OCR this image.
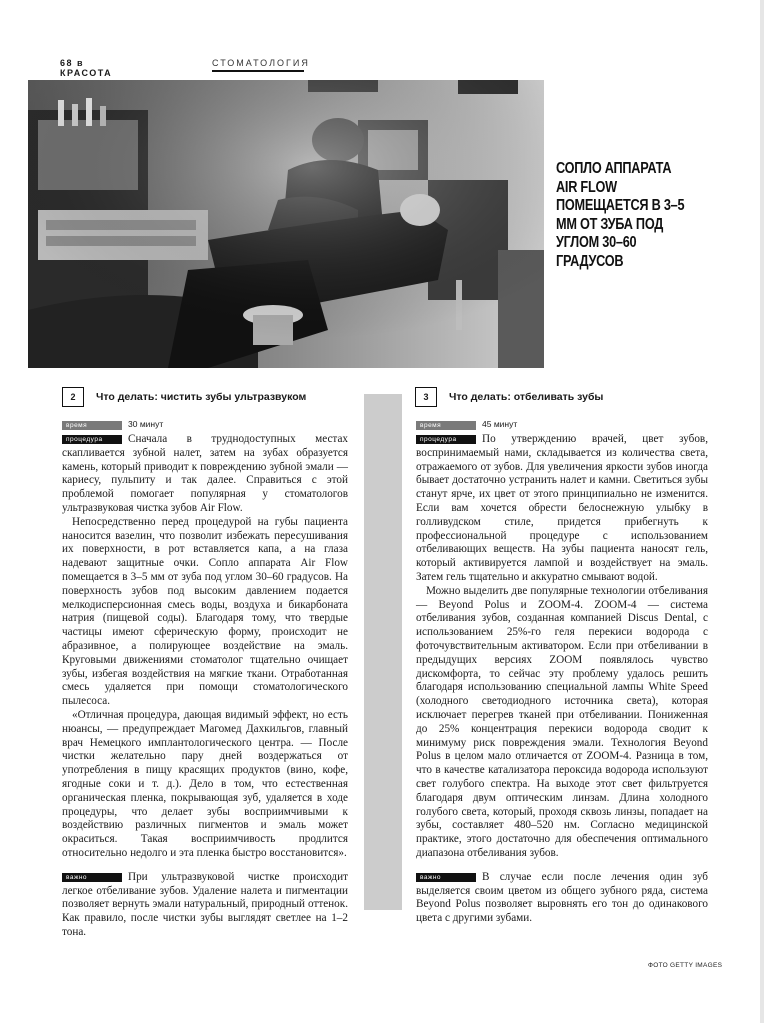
68 в КРАСОТА
СТОМАТОЛОГИЯ
СОПЛО АППАРАТА AIR FLOW ПОМЕЩАЕТСЯ В 3–5 ММ ОТ ЗУБА ПОД УГЛОМ 30–60 ГРАДУСОВ
2	Что делать: чистить зубы ультразвуком	3	Что делать: отбеливать зубы
время	30 минут

процедура Сначала в труднодоступных местах скапливается зубной налет, затем на зубах образуется камень, который приводит к повреждению зубной эмали — кариесу, пульпиту и так далее. Справиться с этой проблемой помогает популярная у стоматологов ультразвуковая чистка зубов Air Flow.

Непосредственно перед процедурой на губы пациента наносится вазелин, что позволит избежать пересушивания их поверхности, в рот вставляется капа, а на глаза надевают защитные очки. Сопло аппарата Air Flow помещается в 3–5 мм от зуба под углом 30–60 градусов. На поверхность зубов под высоким давлением подается мелкодисперсионная смесь воды, воздуха и бикарбоната натрия (пищевой соды). Благодаря тому, что твердые частицы имеют сферическую форму, происходит не абразивное, а полирующее воздействие на эмаль. Круговыми движениями стоматолог тщательно очищает зубы, избегая воздействия на мягкие ткани. Отработанная смесь удаляется при помощи стоматологического пылесоса.

«Отличная процедура, дающая видимый эффект, но есть нюансы, — предупреждает Магомед Дахкильгов, главный врач Немецкого имплантологического центра. — После чистки желательно пару дней воздержаться от употребления в пищу красящих продуктов (вино, кофе, ягодные соки и т. д.). Дело в том, что естественная органическая пленка, покрывающая зуб, удаляется в ходе процедуры, что делает зубы восприимчивыми к воздействию различных пигментов и эмаль может окраситься. Такая восприимчивость продлится относительно недолго и эта пленка быстро восстановится».

важно	При ультразвуковой чистке происходит легкое отбеливание зубов. Удаление налета и пигментации позволяет вернуть эмали натуральный, природный оттенок. Как правило, после чистки зубы выглядят светлее на 1–2 тона.

время	45 минут

процедура По утверждению врачей, цвет зубов, воспринимаемый нами, складывается из количества света, отражаемого от зубов. Для увеличения яркости зубов иногда бывает достаточно устранить налет и камни. Светиться зубы станут ярче, их цвет от этого принципиально не изменится. Если вам хочется обрести белоснежную улыбку в голливудском стиле, придется прибегнуть к профессиональной процедуре с использованием отбеливающих веществ. На зубы пациента наносят гель, который активируется лампой и воздействует на эмаль. Затем гель тщательно и аккуратно смывают водой.

Можно выделить две популярные технологии отбеливания — Beyond Polus и ZOOM-4. ZOOM-4 — система отбеливания зубов, созданная компанией Discus Dental, с использованием 25%-го геля перекиси водорода с фоточувствительным активатором. Если при отбеливании в предыдущих версиях ZOOM появлялось чувство дискомфорта, то сейчас эту проблему удалось решить благодаря использованию специальной лампы White Speed (холодного светодиодного источника света), которая исключает перегрев тканей при отбеливании. Пониженная до 25% концентрация перекиси водорода сводит к минимуму риск повреждения эмали. Технология Beyond Polus в целом мало отличается от ZOOM-4. Разница в том, что в качестве катализатора пероксида водорода используют свет голубого спектра. На выходе этот свет фильтруется благодаря двум оптическим линзам. Длина холодного голубого света, который, проходя сквозь линзы, попадает на зубы, составляет 480–520 нм. Согласно медицинской практике, этого достаточно для обеспечения оптимального диапазона отбеливания зубов.

важно	В случае если после лечения один зуб выделяется своим цветом из общего зубного ряда, система Beyond Polus позволяет выровнять его тон до одинакового цвета с другими зубами.

ФОТО GETTY IMAGES
